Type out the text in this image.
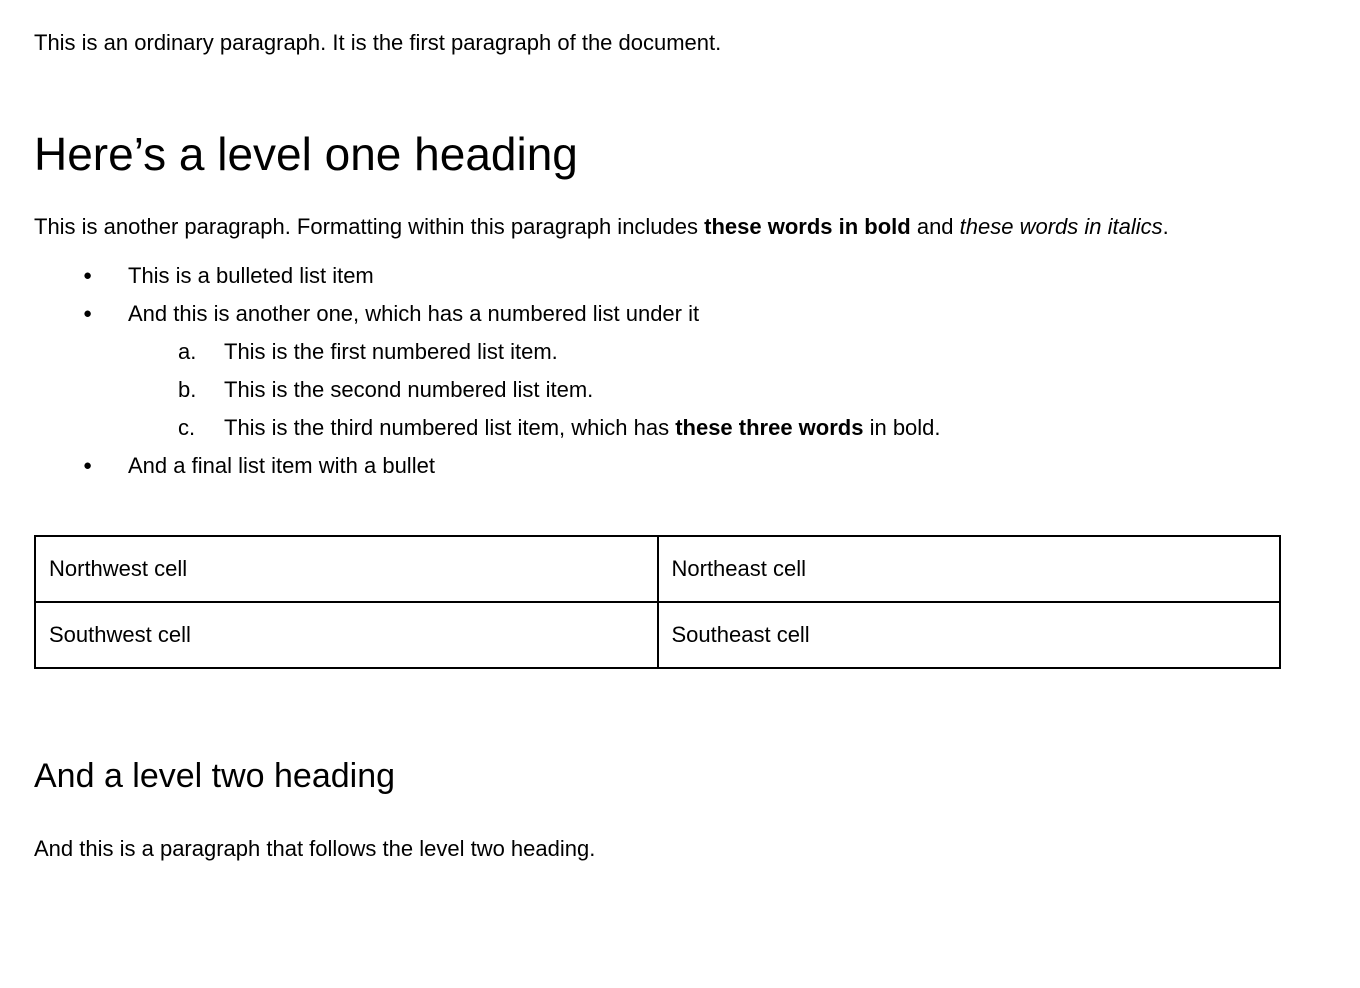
This is an ordinary paragraph. It is the first paragraph of the document.

Here’s a level one heading

This is another paragraph. Formatting within this paragraph includes these words in bold and these words in italics.

● This is a bulleted list item
● And this is another one, which has a numbered list under it
This is the first numbered list item.
This is the second numbered list item.
This is the third numbered list item, which has these three words in bold.
● And a final list item with a bullet
Northwest cell	Northeast cell
Southwest cell	Southeast cell
And a level two heading

And this is a paragraph that follows the level two heading.
